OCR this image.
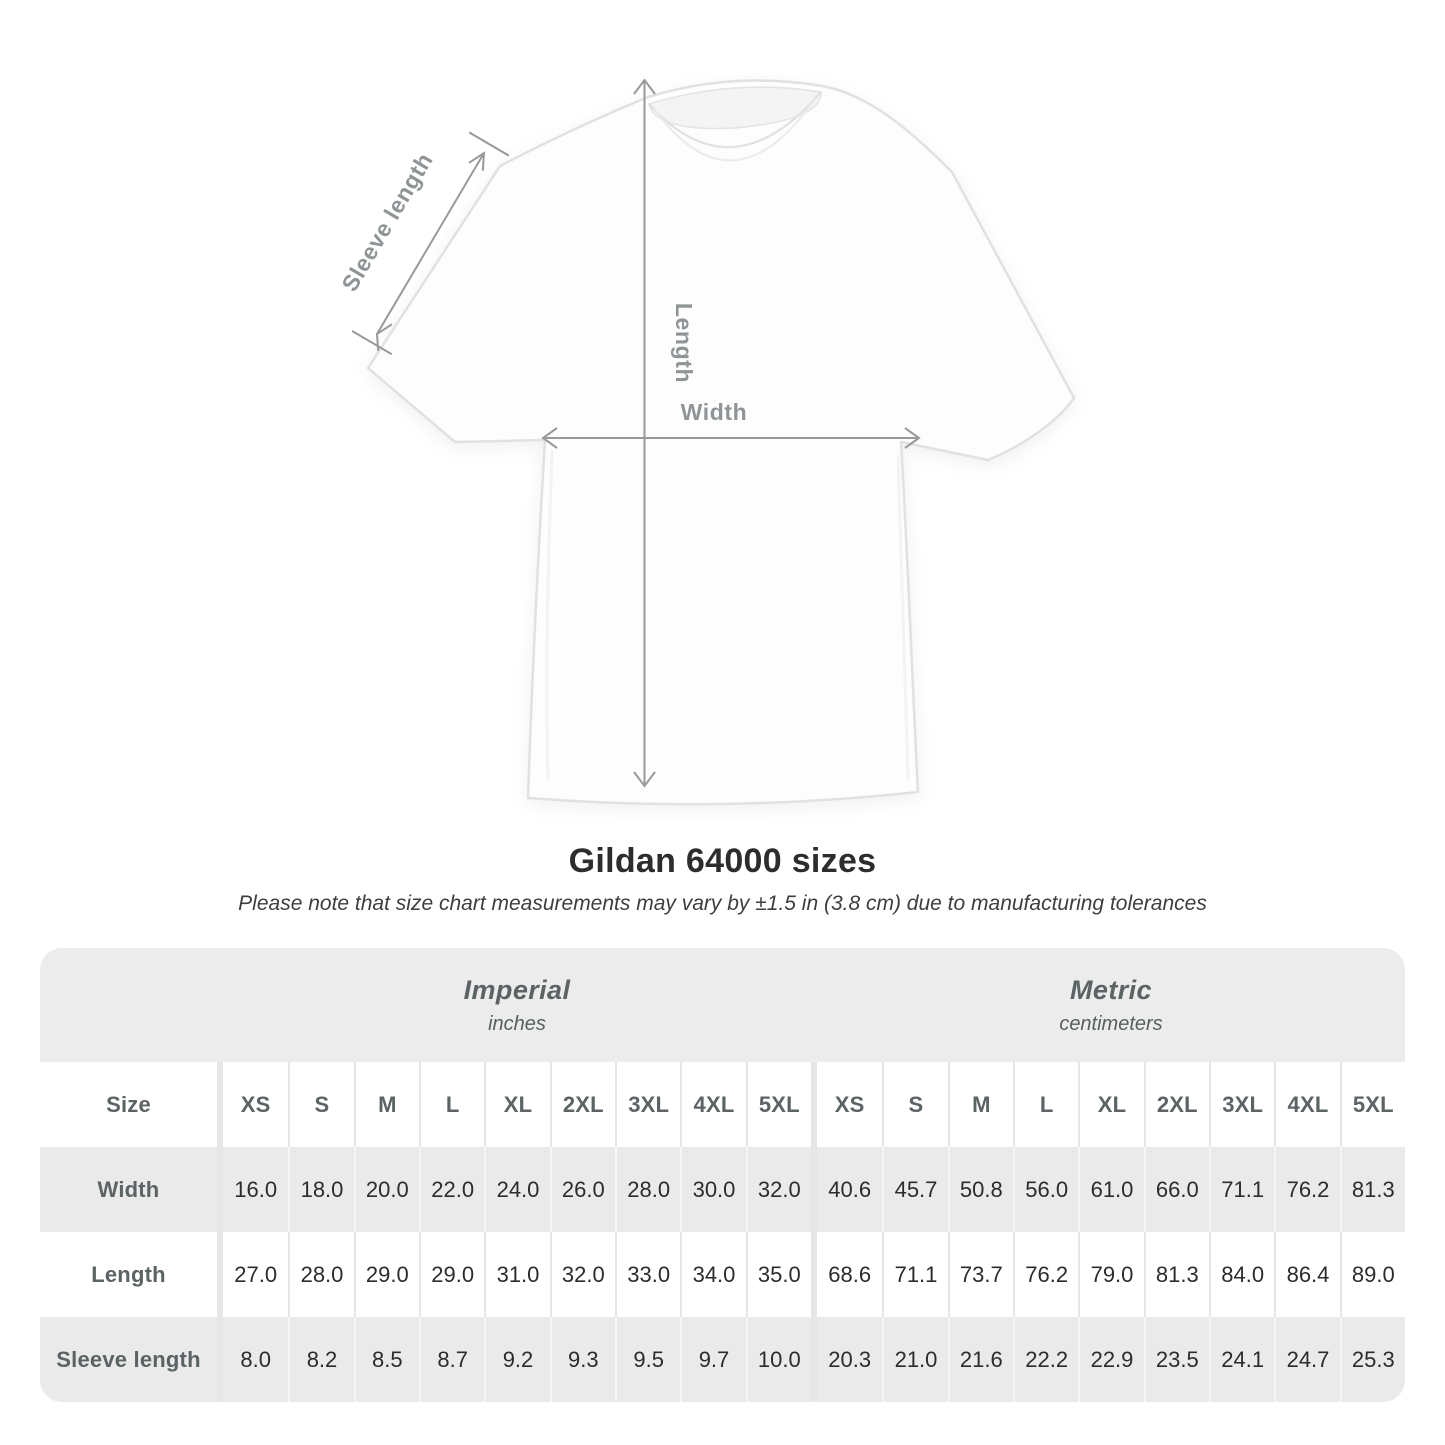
Length
Width
Sleeve length
Gildan 64000 sizes

Please note that size chart measurements may vary by ±1.5 in (3.8 cm) due to manufacturing tolerances

Imperial
inches
Metric
centimeters
Size	XS	S	M	L	XL	2XL	3XL	4XL	5XL	XS	S	M	L	XL	2XL	3XL	4XL	5XL
Width	16.0	18.0	20.0	22.0	24.0	26.0	28.0	30.0	32.0	40.6	45.7	50.8	56.0	61.0	66.0	71.1	76.2	81.3
Length	27.0	28.0	29.0	29.0	31.0	32.0	33.0	34.0	35.0	68.6	71.1	73.7	76.2	79.0	81.3	84.0	86.4	89.0
Sleeve length	8.0	8.2	8.5	8.7	9.2	9.3	9.5	9.7	10.0	20.3	21.0	21.6	22.2	22.9	23.5	24.1	24.7	25.3
